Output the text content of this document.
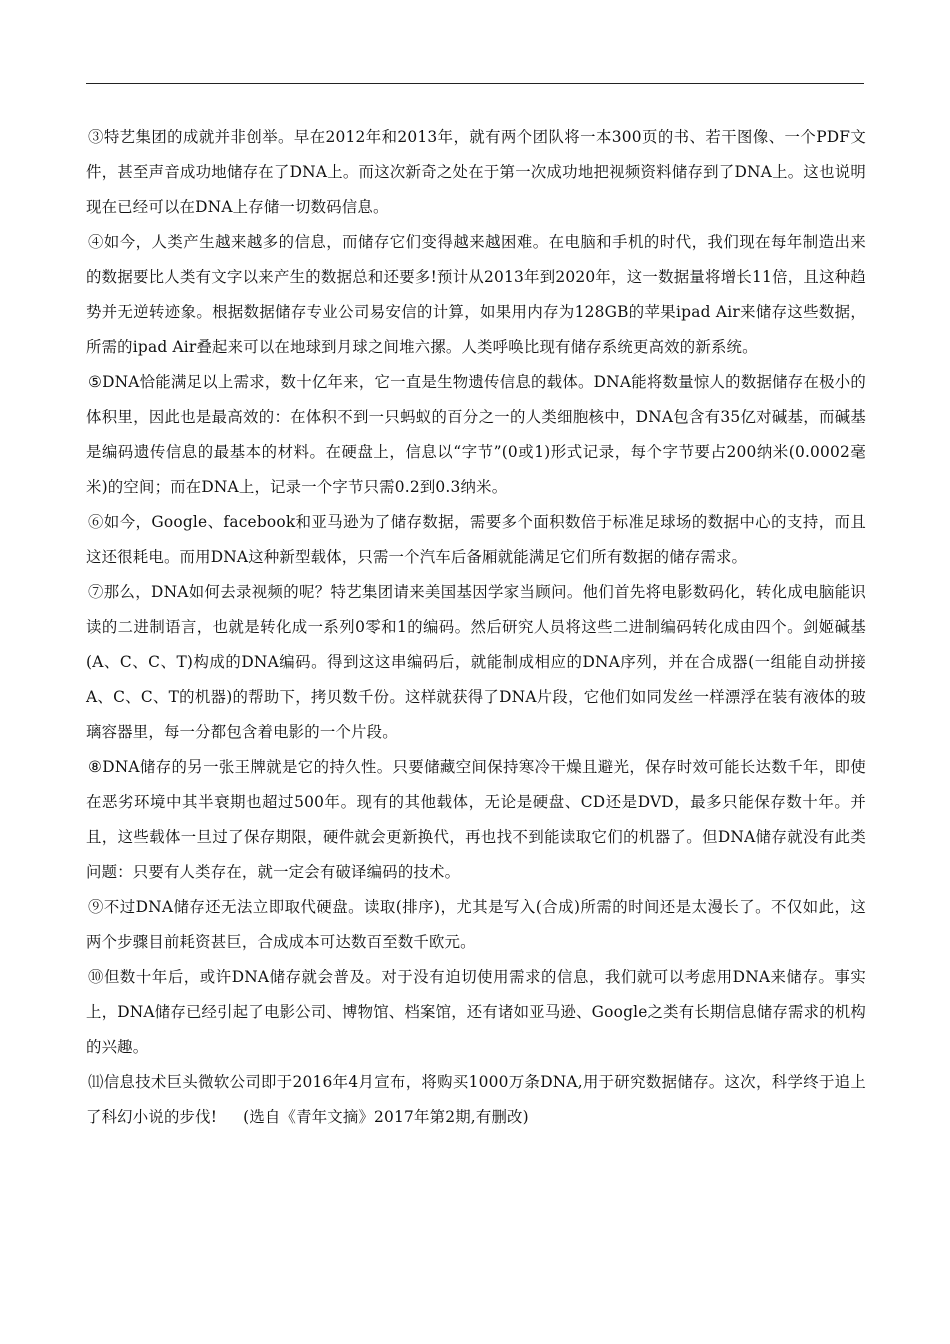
③特艺集团的成就并非创举。早在2012年和2013年，就有两个团队将一本300页的书、若干图像、一个PDF文件，甚至声音成功地储存在了DNA上。而这次新奇之处在于第一次成功地把视频资料储存到了DNA上。这也说明现在已经可以在DNA上存储一切数码信息。

④如今，人类产生越来越多的信息，而储存它们变得越来越困难。在电脑和手机的时代，我们现在每年制造出来的数据要比人类有文字以来产生的数据总和还要多!预计从2013年到2020年，这一数据量将增长11倍，且这种趋势并无逆转迹象。根据数据储存专业公司易安信的计算，如果用内存为128GB的苹果ipad Air来储存这些数据，所需的ipad Air叠起来可以在地球到月球之间堆六摞。人类呼唤比现有储存系统更高效的新系统。

⑤DNA恰能满足以上需求，数十亿年来，它一直是生物遗传信息的载体。DNA能将数量惊人的数据储存在极小的体积里，因此也是最高效的：在体积不到一只蚂蚁的百分之一的人类细胞核中，DNA包含有35亿对碱基，而碱基是编码遗传信息的最基本的材料。在硬盘上，信息以“字节”(0或1)形式记录，每个字节要占200纳米(0.0002毫米)的空间；而在DNA上，记录一个字节只需0.2到0.3纳米。

⑥如今，Google、facebook和亚马逊为了储存数据，需要多个面积数倍于标准足球场的数据中心的支持，而且这还很耗电。而用DNA这种新型载体，只需一个汽车后备厢就能满足它们所有数据的储存需求。

⑦那么，DNA如何去录视频的呢？特艺集团请来美国基因学家当顾问。他们首先将电影数码化，转化成电脑能识读的二进制语言，也就是转化成一系列0零和1的编码。然后研究人员将这些二进制编码转化成由四个。剑姬碱基(A、C、C、T)构成的DNA编码。得到这这串编码后，就能制成相应的DNA序列，并在合成器(一组能自动拼接A、C、C、T的机器)的帮助下，拷贝数千份。这样就获得了DNA片段，它他们如同发丝一样漂浮在装有液体的玻璃容器里，每一分都包含着电影的一个片段。

⑧DNA储存的另一张王牌就是它的持久性。只要储藏空间保持寒冷干燥且避光，保存时效可能长达数千年，即使在恶劣环境中其半衰期也超过500年。现有的其他载体，无论是硬盘、CD还是DVD，最多只能保存数十年。并且，这些载体一旦过了保存期限，硬件就会更新换代，再也找不到能读取它们的机器了。但DNA储存就没有此类问题：只要有人类存在，就一定会有破译编码的技术。

⑨不过DNA储存还无法立即取代硬盘。读取(排序)，尤其是写入(合成)所需的时间还是太漫长了。不仅如此，这两个步骤目前耗资甚巨，合成成本可达数百至数千欧元。

⑩但数十年后，或许DNA储存就会普及。对于没有迫切使用需求的信息，我们就可以考虑用DNA来储存。事实上，DNA储存已经引起了电影公司、博物馆、档案馆，还有诸如亚马逊、Google之类有长期信息储存需求的机构的兴趣。

⑾信息技术巨头微软公司即于2016年4月宣布，将购买1000万条DNA,用于研究数据储存。这次，科学终于追上了科幻小说的步伐! (选自《青年文摘》2017年第2期,有删改)
